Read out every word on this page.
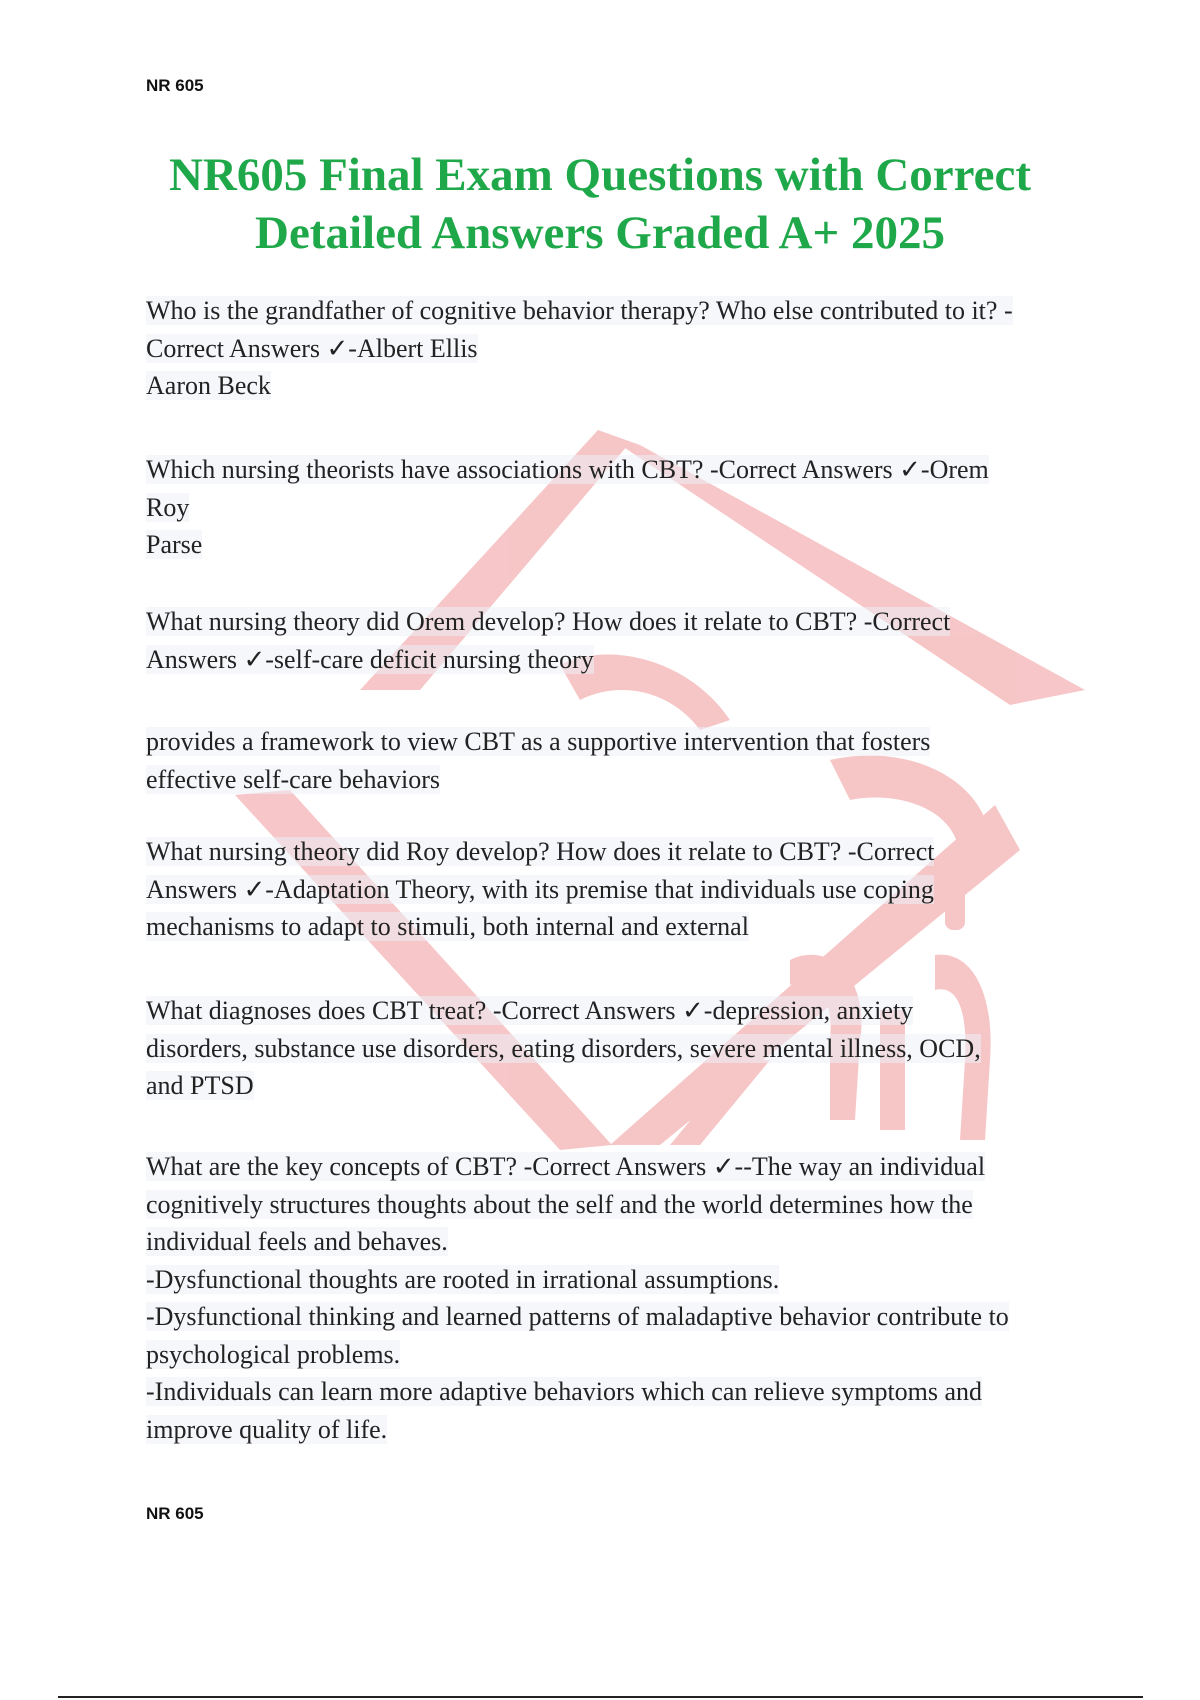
NR 605
NR605 Final Exam Questions with Correct
Detailed Answers Graded A+ 2025
Who is the grandfather of cognitive behavior therapy? Who else contributed to it? -
Correct Answers ✓-Albert Ellis
Aaron Beck
Which nursing theorists have associations with CBT? -Correct Answers ✓-Orem
Roy
Parse
What nursing theory did Orem develop? How does it relate to CBT? -Correct
Answers ✓-self-care deficit nursing theory
provides a framework to view CBT as a supportive intervention that fosters
effective self-care behaviors
What nursing theory did Roy develop? How does it relate to CBT? -Correct
Answers ✓-Adaptation Theory, with its premise that individuals use coping
mechanisms to adapt to stimuli, both internal and external
What diagnoses does CBT treat? -Correct Answers ✓-depression, anxiety
disorders, substance use disorders, eating disorders, severe mental illness, OCD,
and PTSD
What are the key concepts of CBT? -Correct Answers ✓--The way an individual
cognitively structures thoughts about the self and the world determines how the
individual feels and behaves.
-Dysfunctional thoughts are rooted in irrational assumptions.
-Dysfunctional thinking and learned patterns of maladaptive behavior contribute to
psychological problems.
-Individuals can learn more adaptive behaviors which can relieve symptoms and
improve quality of life.
NR 605
